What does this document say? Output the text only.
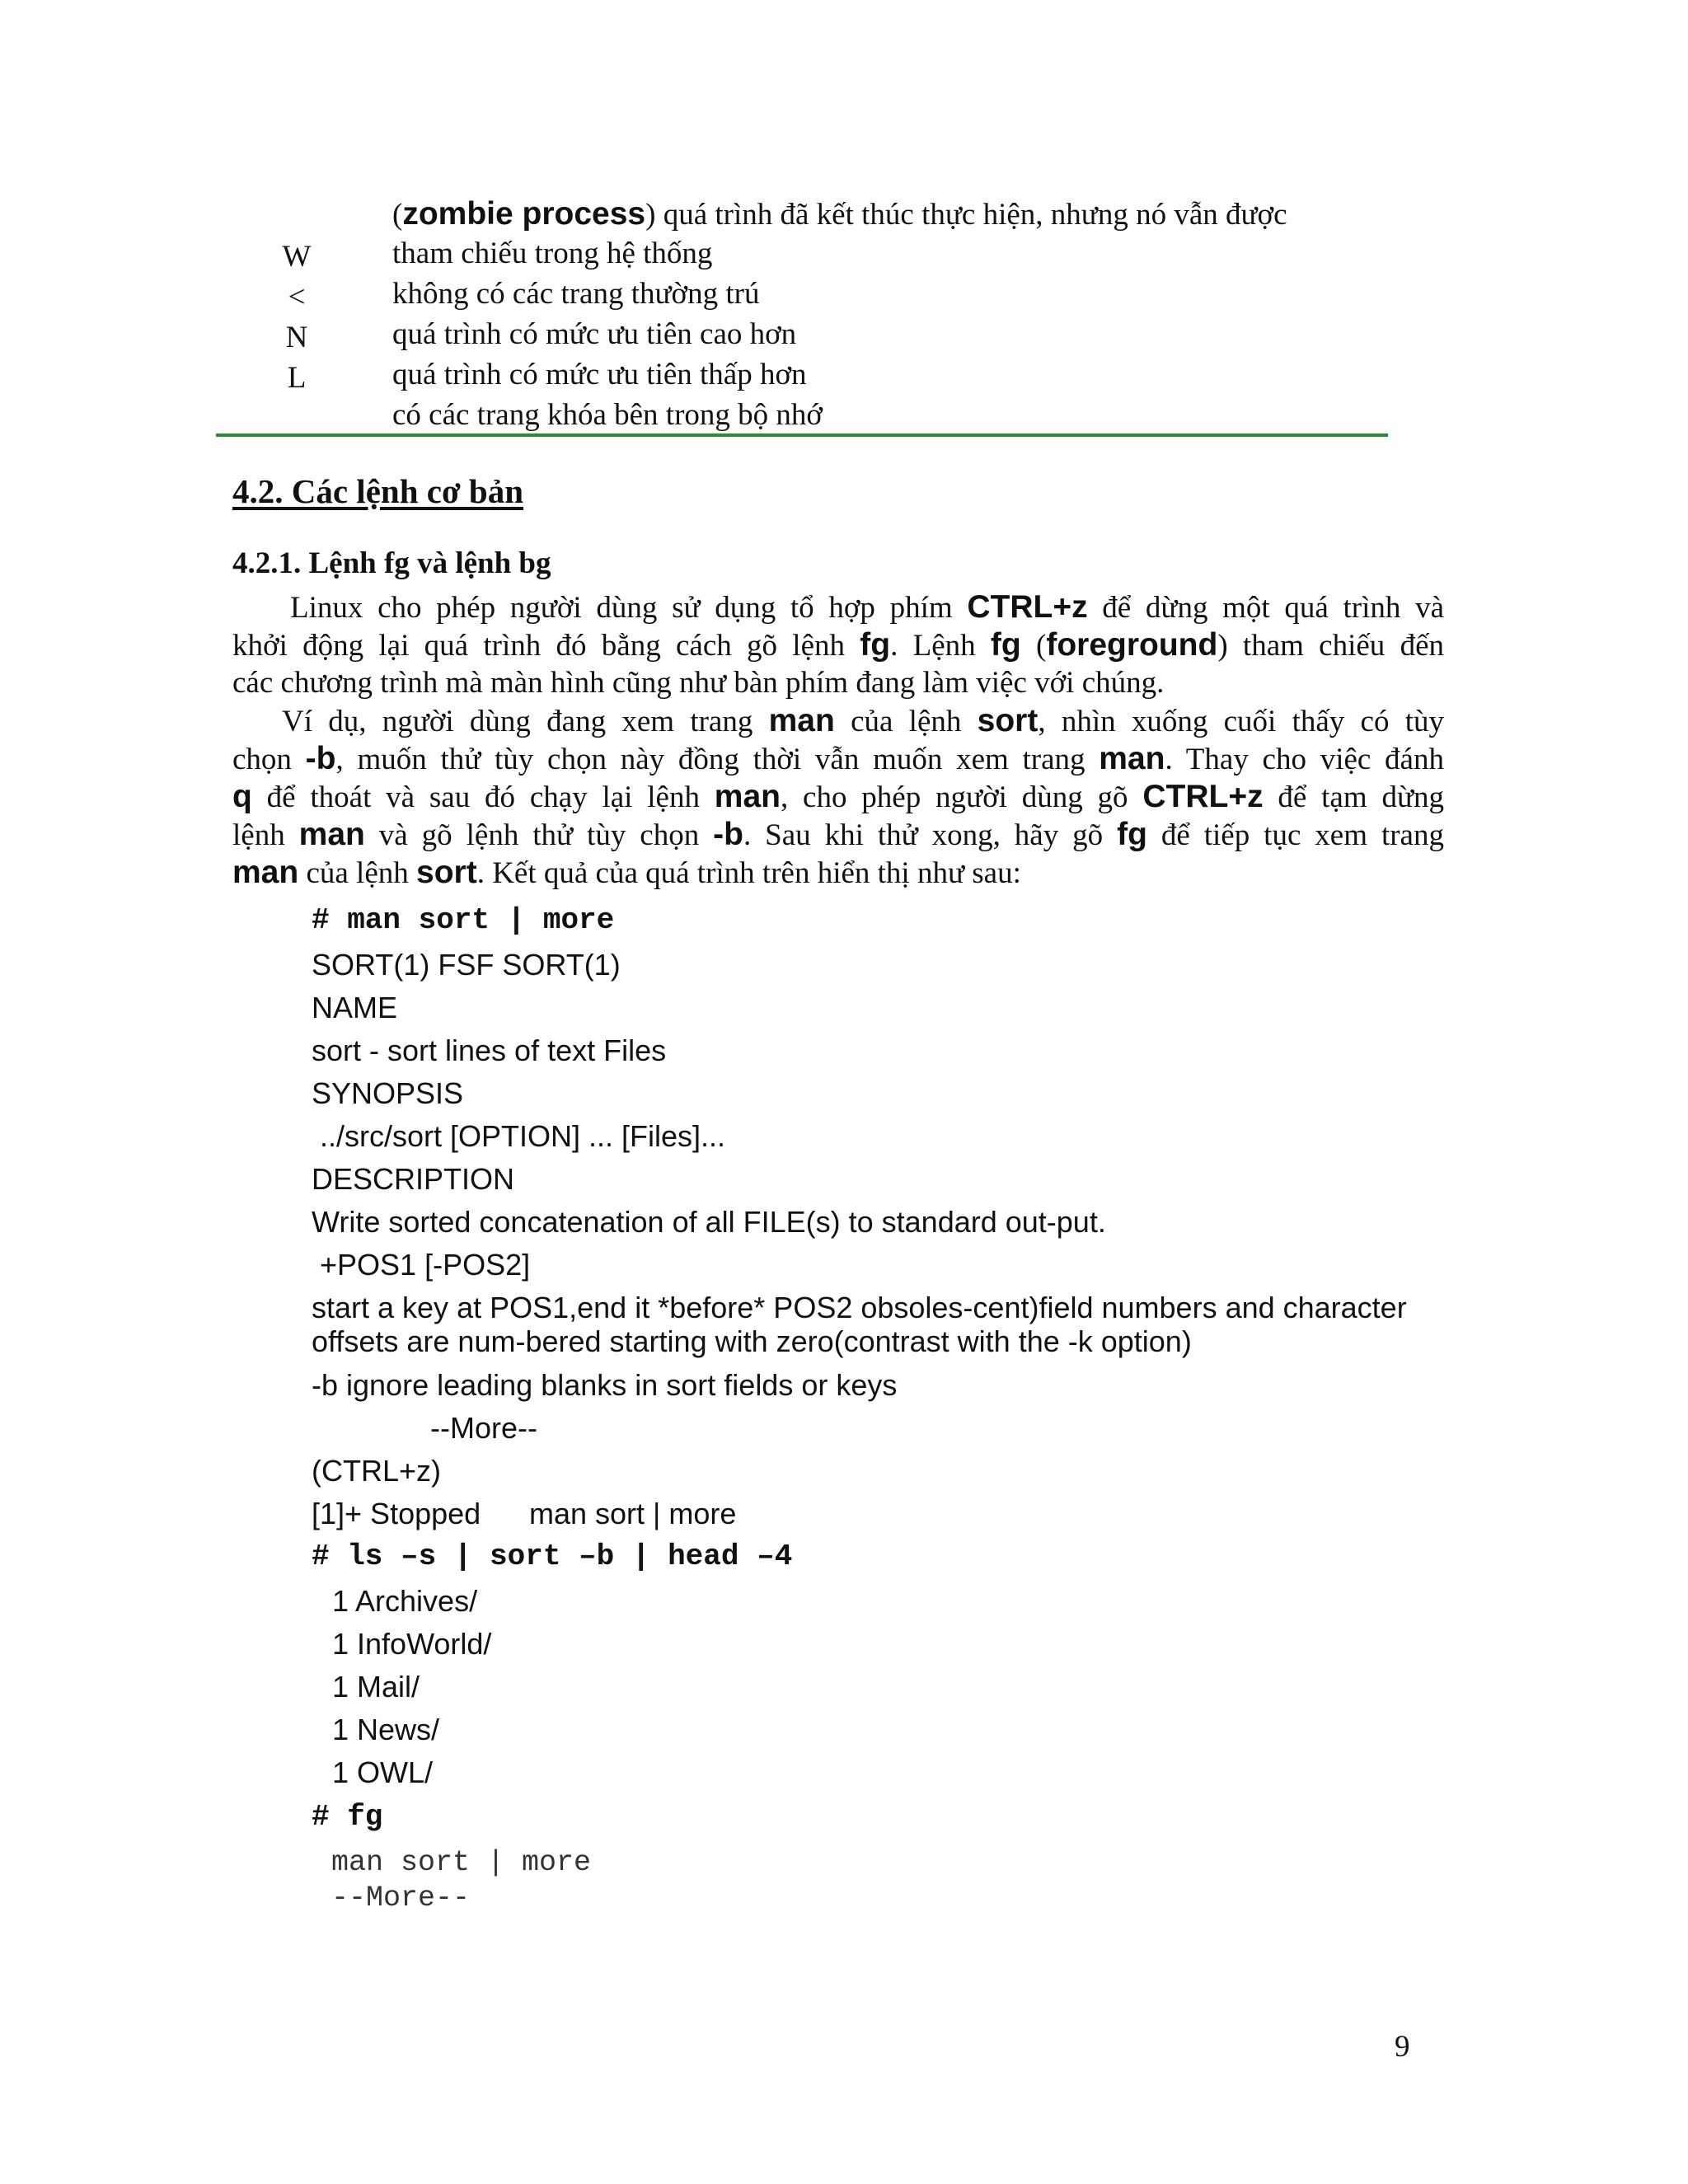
(zombie process) quá trình đã kết thúc thực hiện, nhưng nó vẫn được
W
<
N
L
tham chiếu trong hệ thống
không có các trang thường trú
quá trình có mức ưu tiên cao hơn
quá trình có mức ưu tiên thấp hơn
có các trang khóa bên trong bộ nhớ
4.2. Các lệnh cơ bản
4.2.1. Lệnh fg và lệnh bg
Linux cho phép người dùng sử dụng tổ hợp phím CTRL+z để dừng một quá trình và
khởi động lại quá trình đó bằng cách gõ lệnh fg. Lệnh fg (foreground) tham chiếu đến
các chương trình mà màn hình cũng như bàn phím đang làm việc với chúng.
Ví dụ, người dùng đang xem trang man của lệnh sort, nhìn xuống cuối thấy có tùy
chọn -b, muốn thử tùy chọn này đồng thời vẫn muốn xem trang man. Thay cho việc đánh
q để thoát và sau đó chạy lại lệnh man, cho phép người dùng gõ CTRL+z để tạm dừng
lệnh man và gõ lệnh thử tùy chọn -b. Sau khi thử xong, hãy gõ fg để tiếp tục xem trang
man của lệnh sort. Kết quả của quá trình trên hiển thị như sau:
# man sort | more
SORT(1) FSF SORT(1)
NAME
sort - sort lines of text Files
SYNOPSIS
../src/sort [OPTION] ... [Files]...
DESCRIPTION
Write sorted concatenation of all FILE(s) to standard out-put.
+POS1 [-POS2]
start a key at POS1,end it *before* POS2 obsoles-cent)field numbers and character
offsets are num-bered starting with zero(contrast with the -k option)
-b ignore leading blanks in sort fields or keys
--More--
(CTRL+z)
[1]+ Stopped man sort | more
# ls –s | sort –b | head –4
1 Archives/
1 InfoWorld/
1 Mail/
1 News/
1 OWL/
# fg
man sort | more
--More--
9
